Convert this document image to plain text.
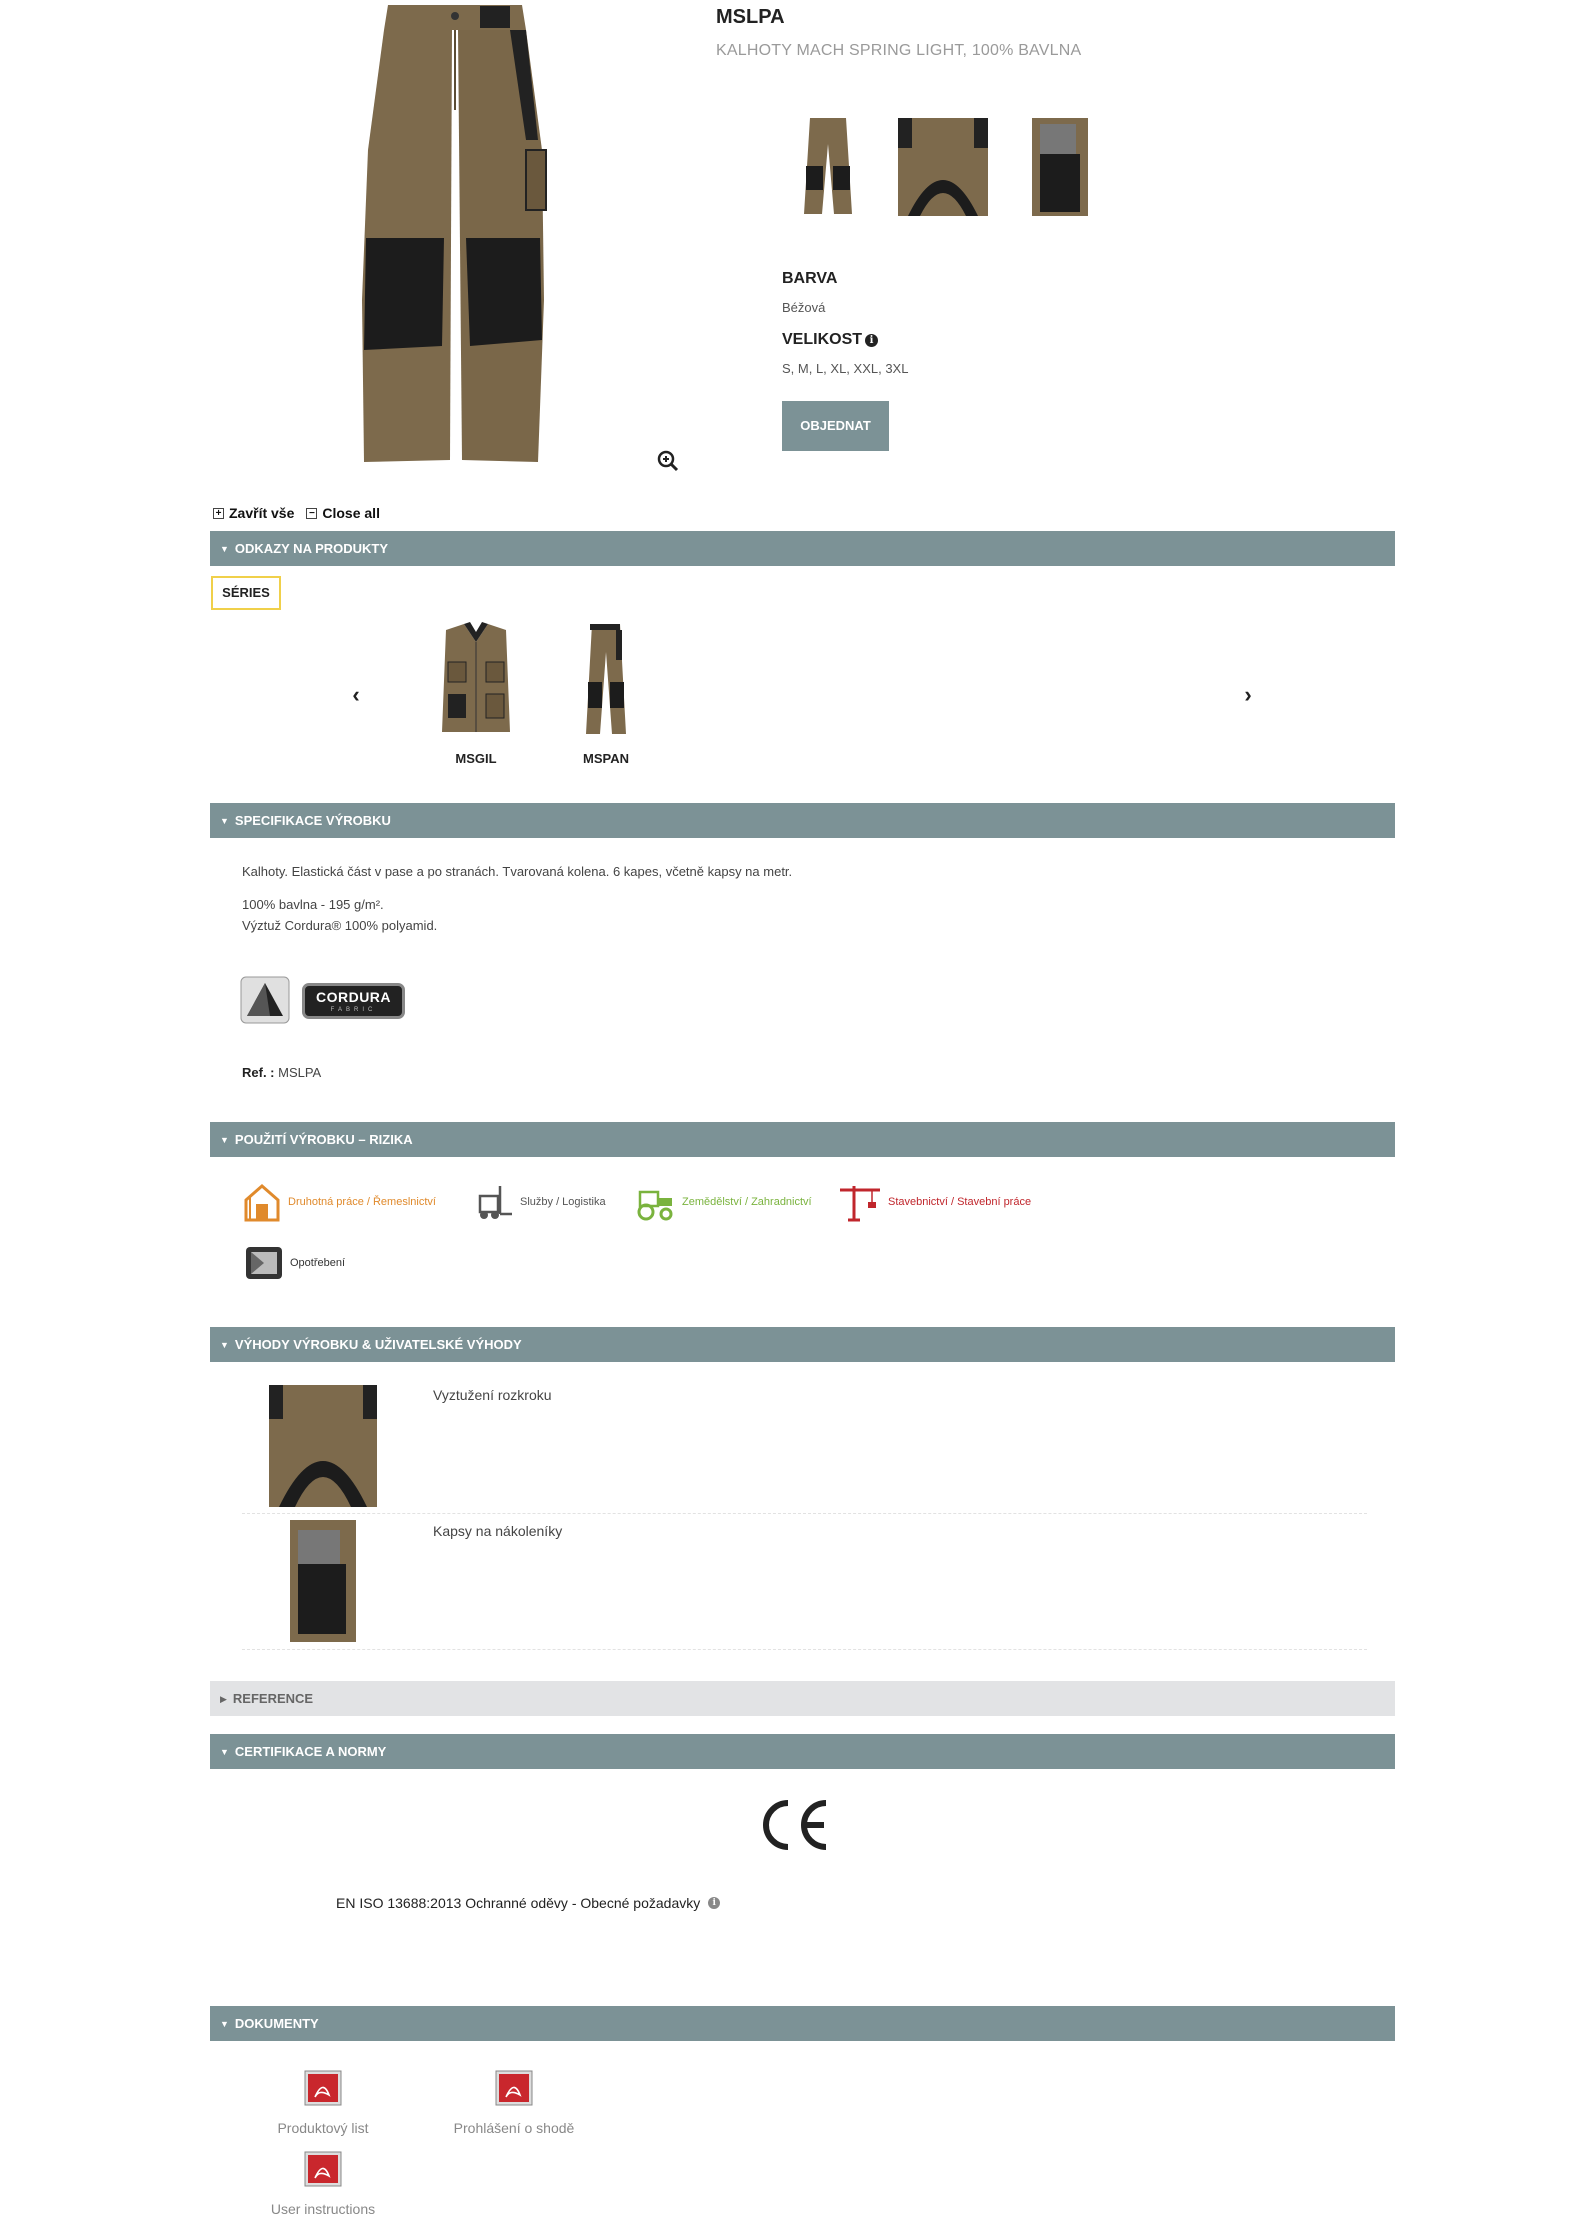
MSLPA
KALHOTY MACH SPRING LIGHT, 100% BAVLNA
BARVA
Béžová
VELIKOST i
S, M, L, XL, XXL, 3XL
OBJEDNAT
+ Zavřít vše − Close all
▼ ODKAZY NA PRODUKTY
SÉRIES
‹	›
MSGIL	MSPAN
▼ SPECIFIKACE VÝROBKU
Kalhoty. Elastická část v pase a po stranách. Tvarovaná kolena. 6 kapes, včetně kapsy na metr.
100% bavlna - 195 g/m².
Výztuž Cordura® 100% polyamid.
CORDURA
FABRIC
Ref. : MSLPA
▼ POUŽITÍ VÝROBKU – RIZIKA
Druhotná práce / Řemeslnictví	Služby / Logistika	Zemědělství / Zahradnictví	Stavebnictví / Stavební práce
Opotřebení
▼ VÝHODY VÝROBKU & UŽIVATELSKÉ VÝHODY
Vyztužení rozkroku
Kapsy na nákoleníky
▶ REFERENCE
▼ CERTIFIKACE A NORMY
EN ISO 13688:2013 Ochranné oděvy - Obecné požadavky	i
▼ DOKUMENTY
Produktový list	Prohlášení o shodě
User instructions
